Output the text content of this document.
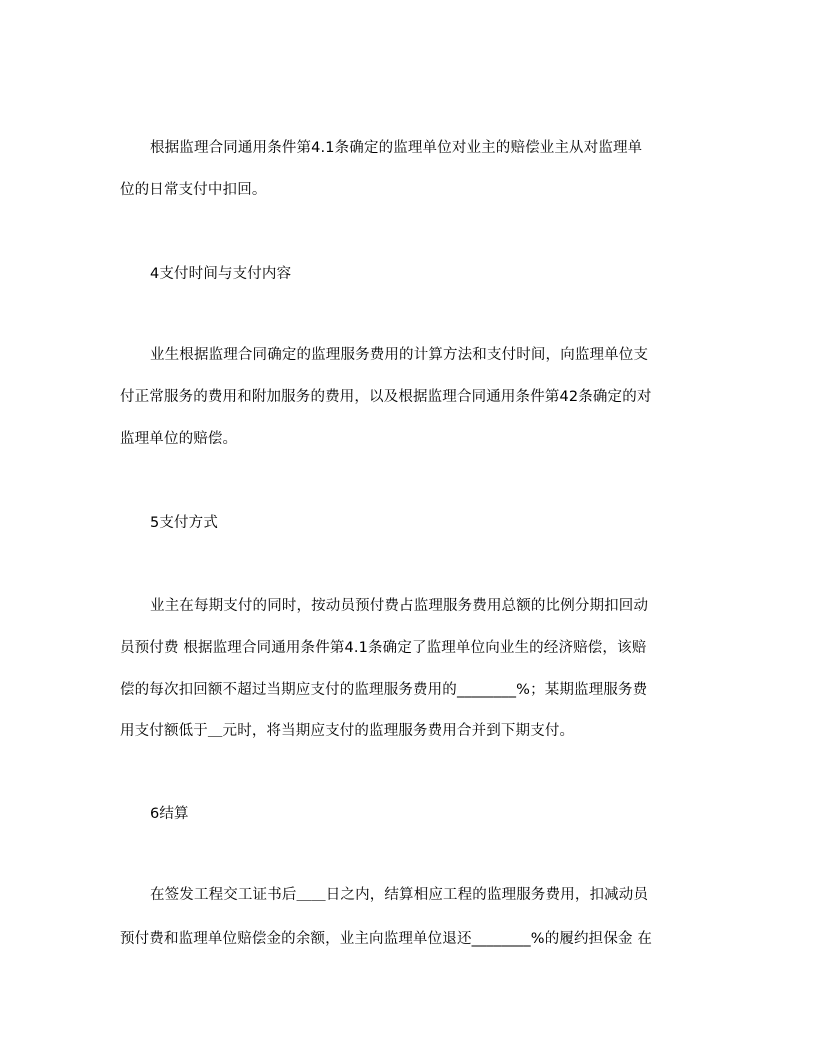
根据监理合同通用条件第4.1条确定的监理单位对业主的赔偿业主从对监理单
位的日常支付中扣回。
4支付时间与支付内容
业生根据监理合同确定的监理服务费用的计算方法和支付时间，向监理单位支
付正常服务的费用和附加服务的费用，以及根据监理合同通用条件第42条确定的对
监理单位的赔偿。
5支付方式
业主在每期支付的同时，按动员预付费占监理服务费用总额的比例分期扣回动
员预付费 根据监理合同通用条件第4.1条确定了监理单位向业生的经济赔偿，该赔
偿的每次扣回额不超过当期应支付的监理服务费用的________%；某期监理服务费
用支付额低于＿元时，将当期应支付的监理服务费用合并到下期支付。
6结算
在签发工程交工证书后＿＿日之内，结算相应工程的监理服务费用，扣减动员
预付费和监理单位赔偿金的余额，业主向监理单位退还________%的履约担保金 在
